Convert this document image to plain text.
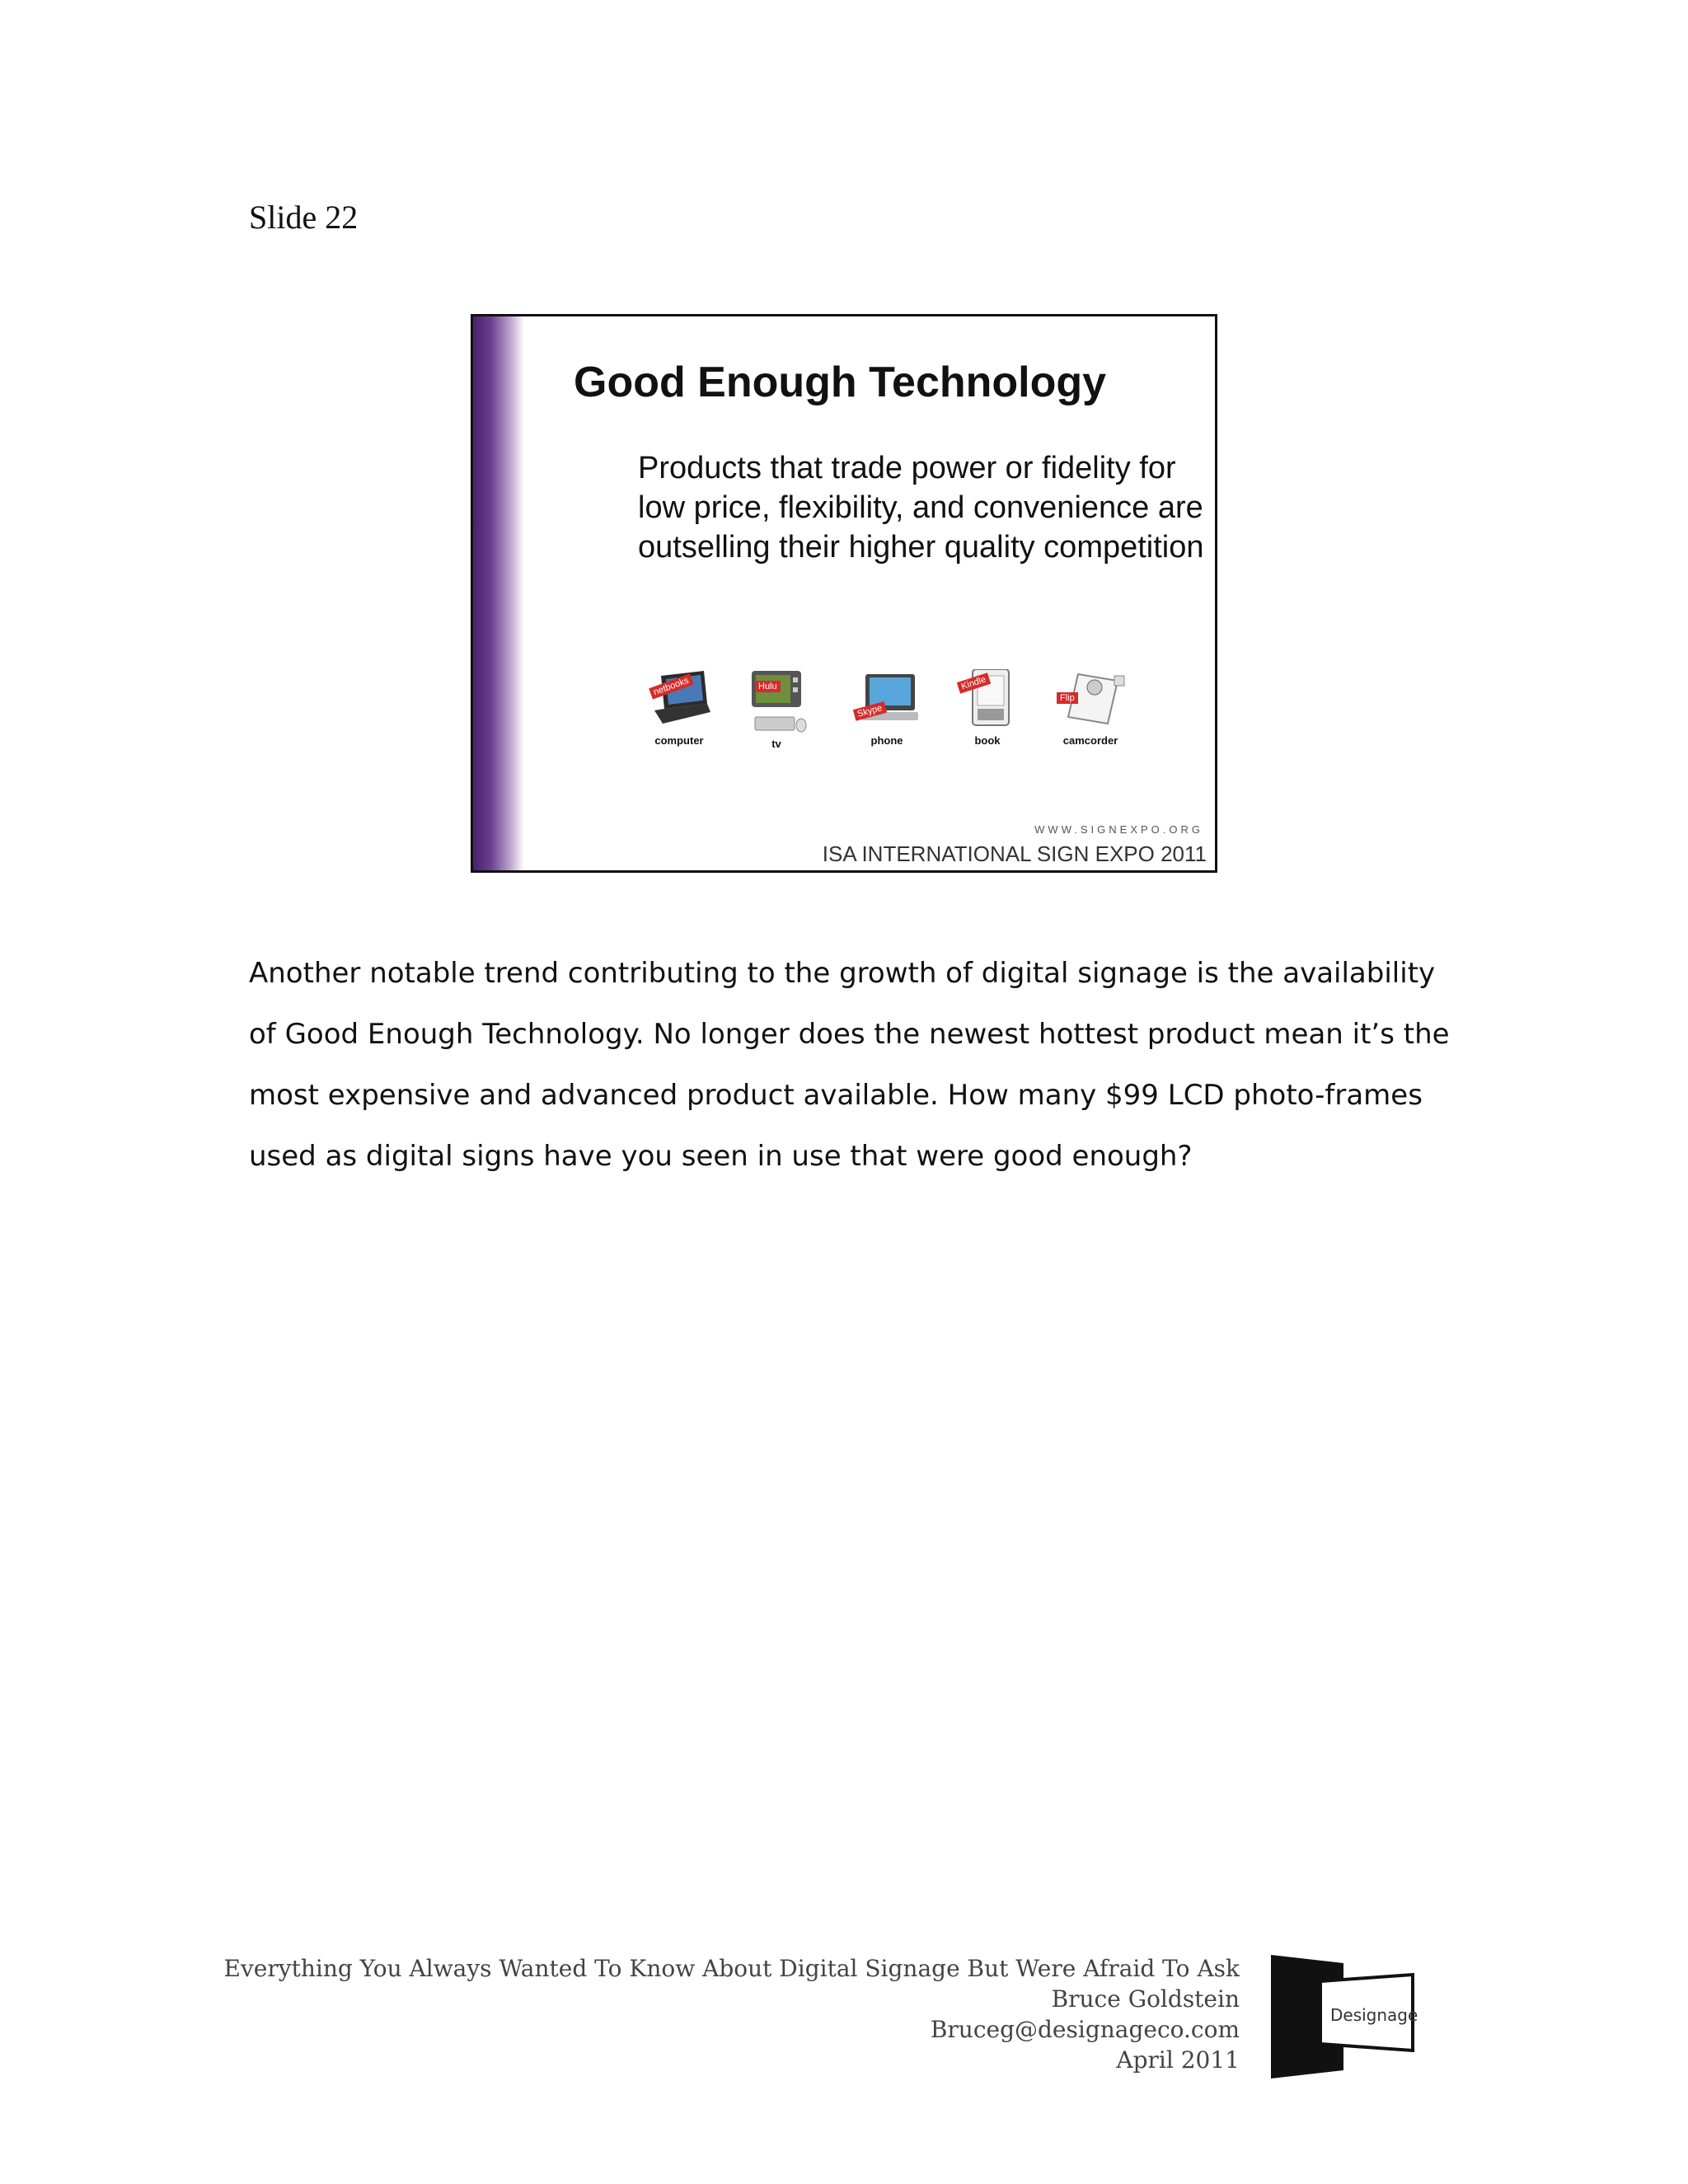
Slide 22
Good Enough Technology
Products that trade power or fidelity for low price, flexibility, and convenience are outselling their higher quality competition
netbooks
computer
Hulu
tv
Skype
phone
Kindle
book
Flip
camcorder
WWW.SIGNEXPO.ORG
ISA INTERNATIONAL SIGN EXPO 2011
Another notable trend contributing to the growth of digital signage is the availability of Good Enough Technology. No longer does the newest hottest product mean it’s the most expensive and advanced product available. How many $99 LCD photo-frames used as digital signs have you seen in use that were good enough?
Everything You Always Wanted To Know About Digital Signage But Were Afraid To Ask
Bruce Goldstein
Bruceg@designageco.com
April 2011
Designage
